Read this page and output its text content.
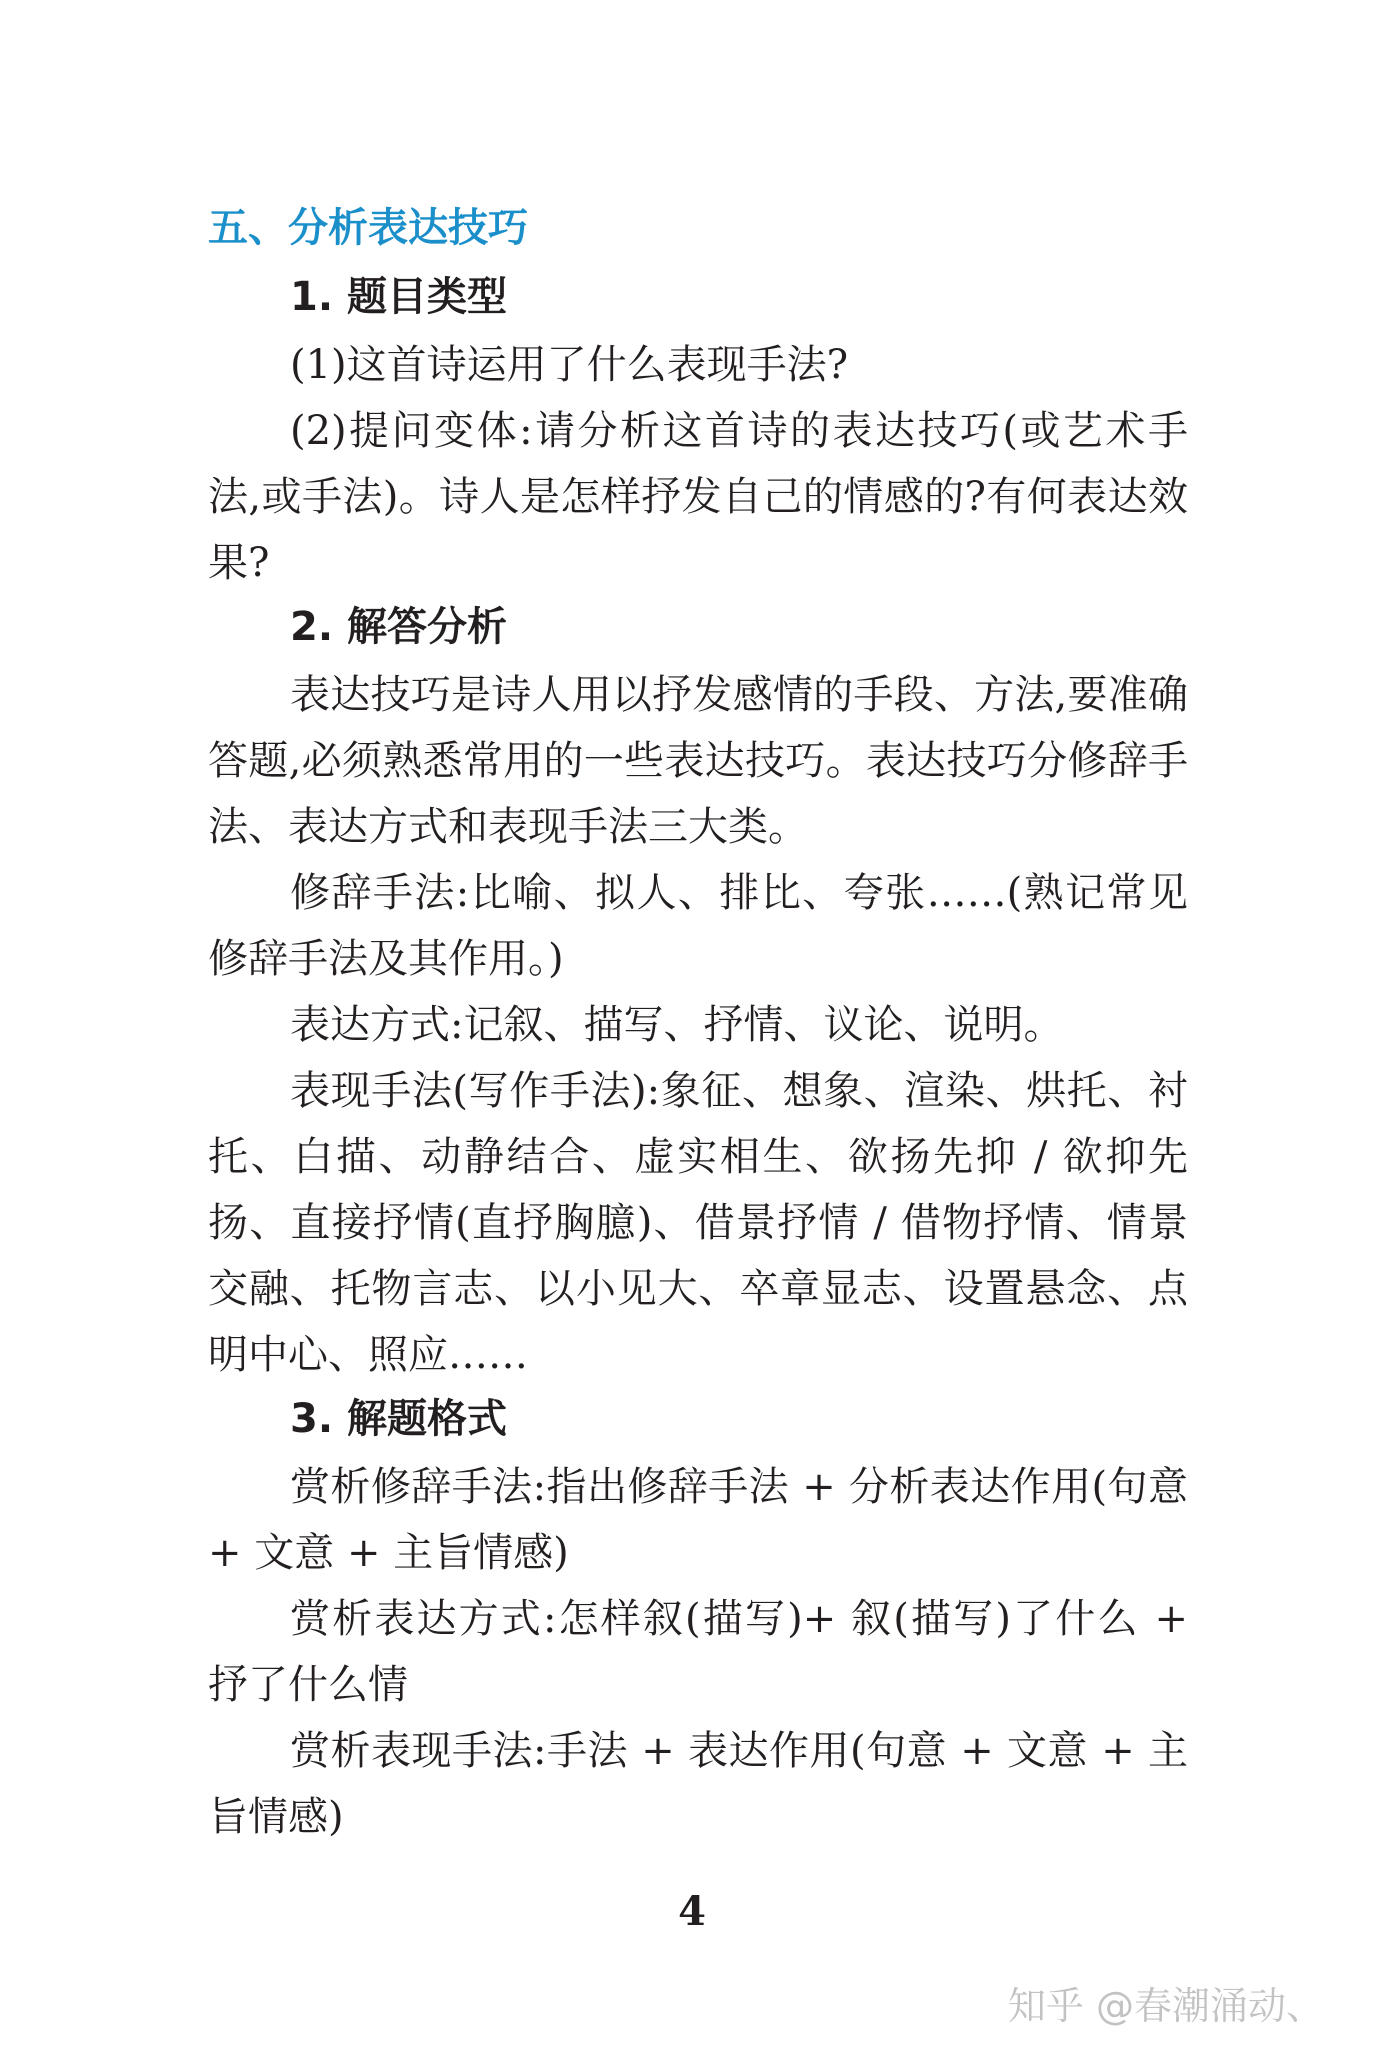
五、分析表达技巧
1. 题目类型

(1)这首诗运用了什么表现手法?

(2)提问变体:请分析这首诗的表达技巧(或艺术手法,或手法)。诗人是怎样抒发自己的情感的?有何表达效果?

2. 解答分析

表达技巧是诗人用以抒发感情的手段、方法,要准确答题,必须熟悉常用的一些表达技巧。表达技巧分修辞手法、表达方式和表现手法三大类。

修辞手法:比喻、拟人、排比、夸张……(熟记常见修辞手法及其作用。)

表达方式:记叙、描写、抒情、议论、说明。

表现手法(写作手法):象征、想象、渲染、烘托、衬托、白描、动静结合、虚实相生、欲扬先抑 / 欲抑先扬、直接抒情(直抒胸臆)、借景抒情 / 借物抒情、情景交融、托物言志、以小见大、卒章显志、设置悬念、点明中心、照应……

3. 解题格式

赏析修辞手法:指出修辞手法 + 分析表达作用(句意 + 文意 + 主旨情感)

赏析表达方式:怎样叙(描写)+ 叙(描写)了什么 + 抒了什么情

赏析表现手法:手法 + 表达作用(句意 + 文意 + 主旨情感)

4
知乎 @春潮涌动、
